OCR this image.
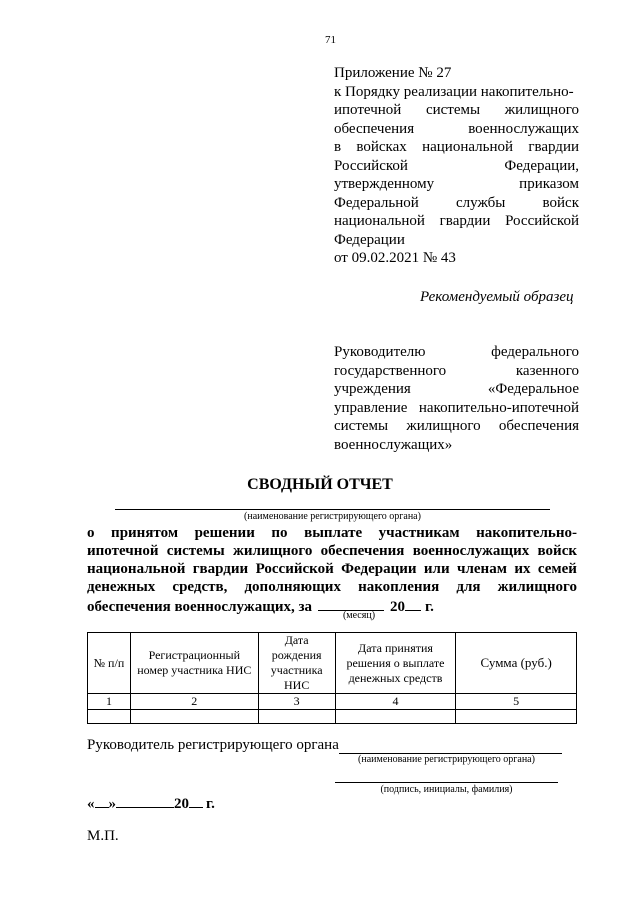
71
Приложение № 27
к Порядку реализации накопительно-
ипотечной системы жилищного
обеспечения	военнослужащих
в войсках национальной гвардии
Российской	Федерации,
утвержденному	приказом
Федеральной службы войск
национальной гвардии Российской
Федерации
от 09.02.2021 № 43
Рекомендуемый образец
Руководителю	федерального
государственного	казенного
учреждения	«Федеральное
управление накопительно-ипотечной
системы жилищного обеспечения
военнослужащих»
СВОДНЫЙ ОТЧЕТ
(наименование регистрирующего органа)
о принятом решении по выплате участникам накопительно-
ипотечной системы жилищного обеспечения военнослужащих войск
национальной гвардии Российской Федерации или членам их семей
денежных средств, дополняющих накопления для жилищного
обеспечения военнослужащих, за	20 г.
(месяц)
№ п/п	Регистрационный номер участника НИС	Дата рождения участника НИС	Дата принятия решения о выплате денежных средств	Сумма (руб.)
1	2	3	4	5

Руководитель регистрирующего органа
(наименование регистрирующего органа)
(подпись, инициалы, фамилия)
« »	20 г.
М.П.
